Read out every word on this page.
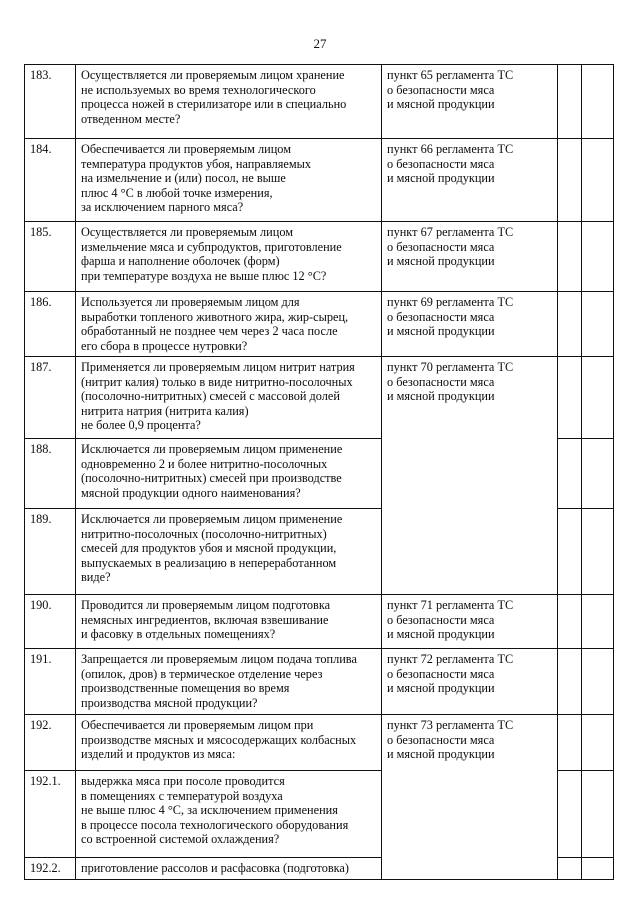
27
183.	Осуществляется ли проверяемым лицом хранение
не используемых во время технологического
процесса ножей в стерилизаторе или в специально
отведенном месте?	пункт 65 регламента ТС
о безопасности мяса
и мясной продукции		
184.	Обеспечивается ли проверяемым лицом
температура продуктов убоя, направляемых
на измельчение и (или) посол, не выше
плюс 4 °С в любой точке измерения,
за исключением парного мяса?	пункт 66 регламента ТС
о безопасности мяса
и мясной продукции		
185.	Осуществляется ли проверяемым лицом
измельчение мяса и субпродуктов, приготовление
фарша и наполнение оболочек (форм)
при температуре воздуха не выше плюс 12 °С?	пункт 67 регламента ТС
о безопасности мяса
и мясной продукции		
186.	Используется ли проверяемым лицом для
выработки топленого животного жира, жир-сырец,
обработанный не позднее чем через 2 часа после
его сбора в процессе нутровки?	пункт 69 регламента ТС
о безопасности мяса
и мясной продукции		
187.	Применяется ли проверяемым лицом нитрит натрия
(нитрит калия) только в виде нитритно-посолочных
(посолочно-нитритных) смесей с массовой долей
нитрита натрия (нитрита калия)
не более 0,9 процента?	пункт 70 регламента ТС
о безопасности мяса
и мясной продукции		
188.	Исключается ли проверяемым лицом применение
одновременно 2 и более нитритно-посолочных
(посолочно-нитритных) смесей при производстве
мясной продукции одного наименования?			
189.	Исключается ли проверяемым лицом применение
нитритно-посолочных (посолочно-нитритных)
смесей для продуктов убоя и мясной продукции,
выпускаемых в реализацию в непереработанном
виде?			
190.	Проводится ли проверяемым лицом подготовка
немясных ингредиентов, включая взвешивание
и фасовку в отдельных помещениях?	пункт 71 регламента ТС
о безопасности мяса
и мясной продукции		
191.	Запрещается ли проверяемым лицом подача топлива
(опилок, дров) в термическое отделение через
производственные помещения во время
производства мясной продукции?	пункт 72 регламента ТС
о безопасности мяса
и мясной продукции		
192.	Обеспечивается ли проверяемым лицом при
производстве мясных и мясосодержащих колбасных
изделий и продуктов из мяса:	пункт 73 регламента ТС
о безопасности мяса
и мясной продукции		
192.1.	выдержка мяса при посоле проводится
в помещениях с температурой воздуха
не выше плюс 4 °С, за исключением применения
в процессе посола технологического оборудования
со встроенной системой охлаждения?			
192.2.	приготовление рассолов и расфасовка (подготовка)			
